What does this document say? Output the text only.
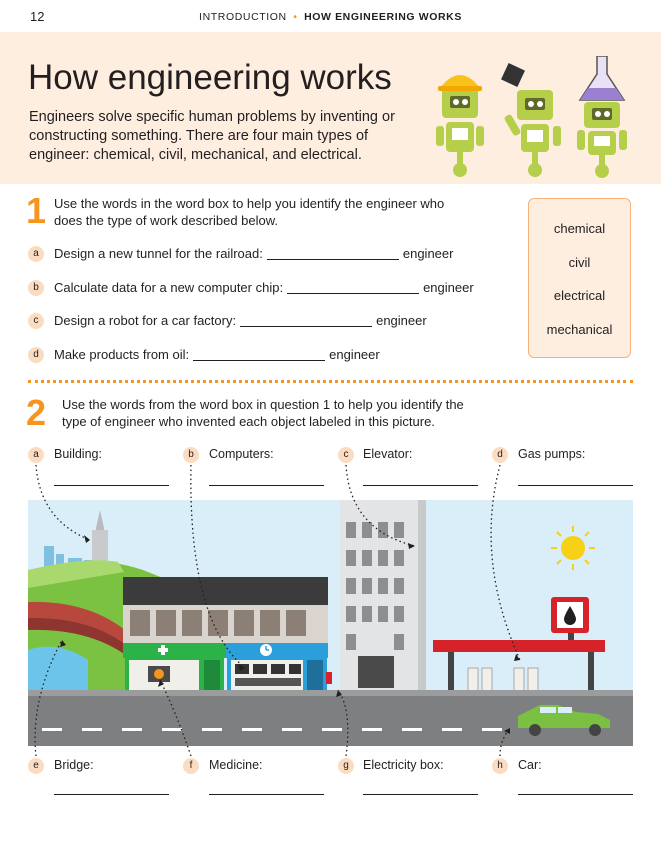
12	INTRODUCTION • HOW ENGINEERING WORKS
How engineering works

Engineers solve specific human problems by inventing or constructing something. There are four main types of engineer: chemical, civil, mechanical, and electrical.

1 Use the words in the word box to help you identify the engineer who does the type of work described below.
a	Design a new tunnel for the railroad:	engineer
b	Calculate data for a new computer chip:	engineer
c	Design a robot for a car factory:	engineer
d	Make products from oil:	engineer
chemical
civil
electrical
mechanical
2 Use the words from the word box in question 1 to help you identify the type of engineer who invented each object labeled in this picture.
a	Building:	b	Computers:	c	Elevator:	d	Gas pumps:
e	Bridge:	f	Medicine:	g	Electricity box:	h	Car:
